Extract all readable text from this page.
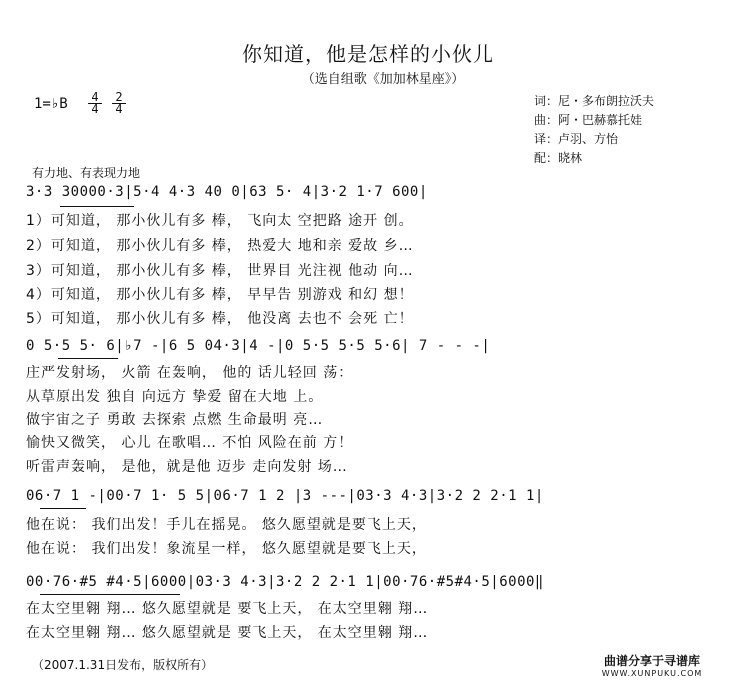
你知道，他是怎样的小伙儿
（选自组歌《加加林星座》）
1=♭B 4
4
2
4
词：尼・多布朗拉沃夫
曲：阿・巴赫慕托娃
译：卢羽、方怡
配：晓林
有力地、有表现力地
3·3 30000·3|5·4 4·3 40 0|63 5· 4|3·2 1·7 600|
1）可知道， 那小伙儿有多 棒， 飞向太 空把路 途开 创。
2）可知道， 那小伙儿有多 棒， 热爱大 地和亲 爱故 乡…
3）可知道， 那小伙儿有多 棒， 世界目 光注视 他动 向…
4）可知道， 那小伙儿有多 棒， 早早告 别游戏 和幻 想！
5）可知道， 那小伙儿有多 棒， 他没离 去也不 会死 亡！
0 5·5 5· 6|♭7 -|6 5 04·3|4 -|0 5·5 5·5 5·6| 7 - - -|
庄严发射场， 火箭 在轰响， 他的 话儿轻回 荡：
从草原出发 独自 向远方 挚爱 留在大地 上。
做宇宙之子 勇敢 去探索 点燃 生命最明 亮…
愉快又微笑， 心儿 在歌唱… 不怕 风险在前 方！
听雷声轰响， 是他，就是他 迈步 走向发射 场…
06·7 1 -|00·7 1· 5 5|06·7 1 2 |3 ---|03·3 4·3|3·2 2 2·1 1|
他在说： 我们出发！手儿在摇晃。 悠久愿望就是要飞上天，
他在说： 我们出发！象流星一样， 悠久愿望就是要飞上天，
00·76·#5 #4·5|6000|03·3 4·3|3·2 2 2·1 1|00·76·#5#4·5|6000‖
在太空里翱 翔… 悠久愿望就是 要飞上天， 在太空里翱 翔…
在太空里翱 翔… 悠久愿望就是 要飞上天， 在太空里翱 翔…
（2007.1.31日发布，版权所有）	曲谱分享于寻谱库
WWW.XUNPUKU.COM
